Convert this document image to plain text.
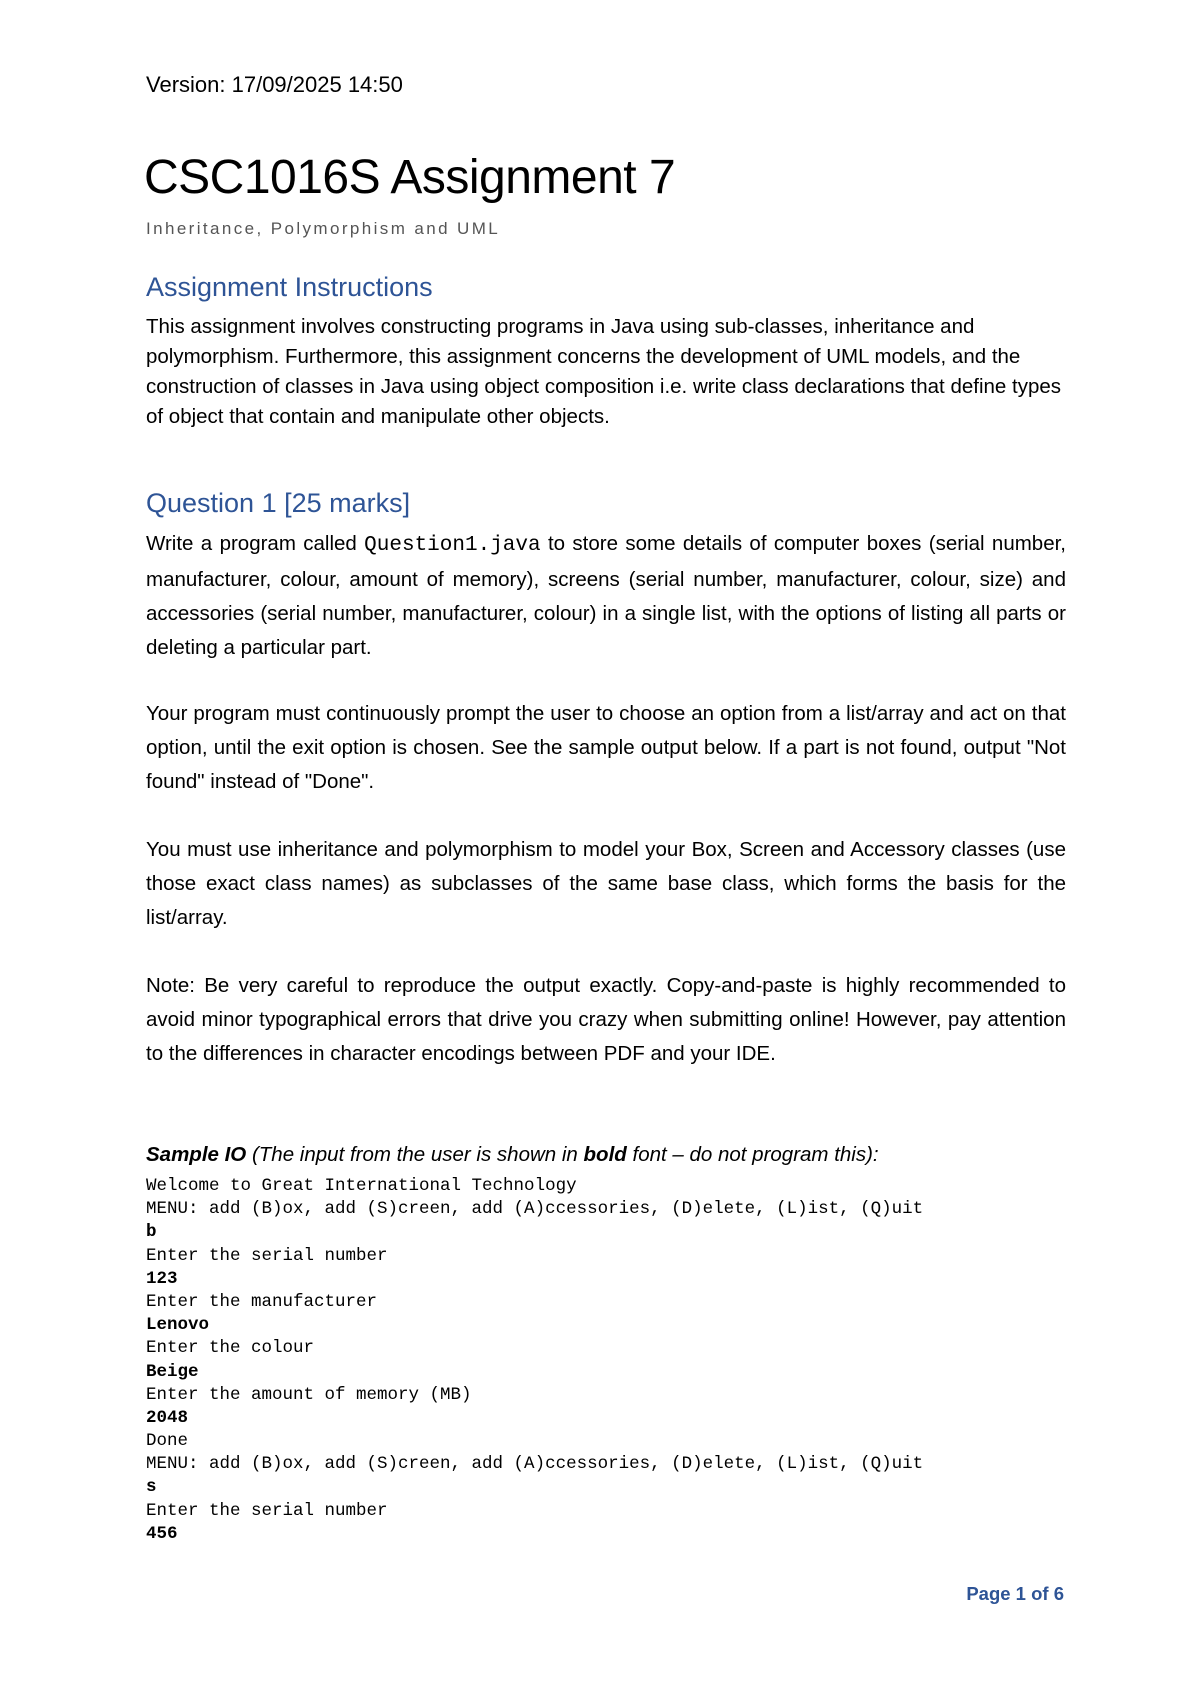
Version: 17/09/2025 14:50
CSC1016S Assignment 7
Inheritance, Polymorphism and UML
Assignment Instructions
This assignment involves constructing programs in Java using sub-classes, inheritance and polymorphism. Furthermore, this assignment concerns the development of UML models, and the construction of classes in Java using object composition i.e. write class declarations that define types of object that contain and manipulate other objects.
Question 1 [25 marks]
Write a program called Question1.java to store some details of computer boxes (serial number, manufacturer, colour, amount of memory), screens (serial number, manufacturer, colour, size) and accessories (serial number, manufacturer, colour) in a single list, with the options of listing all parts or deleting a particular part.
Your program must continuously prompt the user to choose an option from a list/array and act on that option, until the exit option is chosen. See the sample output below. If a part is not found, output "Not found" instead of "Done".
You must use inheritance and polymorphism to model your Box, Screen and Accessory classes (use those exact class names) as subclasses of the same base class, which forms the basis for the list/array.
Note: Be very careful to reproduce the output exactly. Copy-and-paste is highly recommended to avoid minor typographical errors that drive you crazy when submitting online! However, pay attention to the differences in character encodings between PDF and your IDE.
Sample IO (The input from the user is shown in bold font – do not program this):
Welcome to Great International Technology
MENU: add (B)ox, add (S)creen, add (A)ccessories, (D)elete, (L)ist, (Q)uit
b
Enter the serial number
123
Enter the manufacturer
Lenovo
Enter the colour
Beige
Enter the amount of memory (MB)
2048
Done
MENU: add (B)ox, add (S)creen, add (A)ccessories, (D)elete, (L)ist, (Q)uit
s
Enter the serial number
456
Page 1 of 6
